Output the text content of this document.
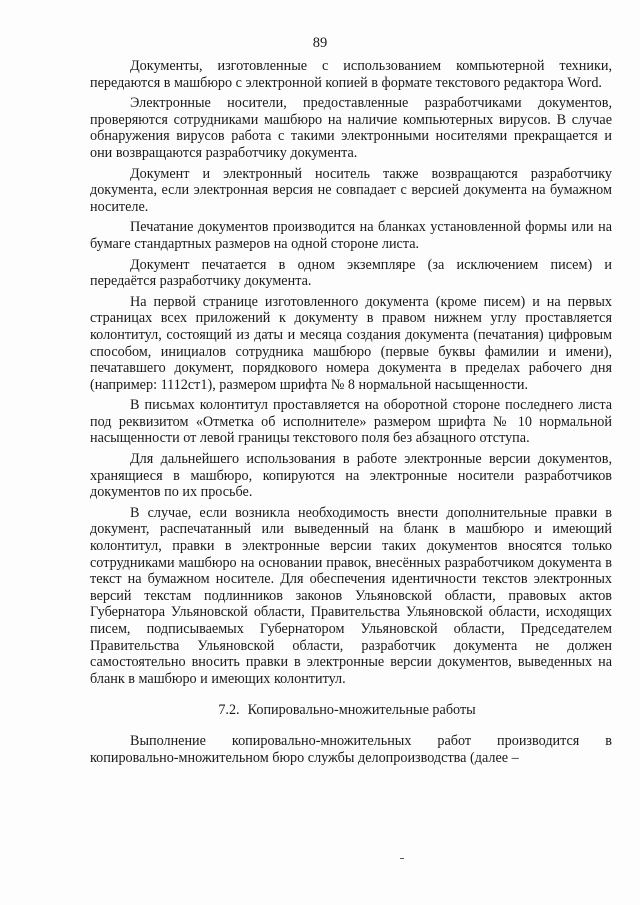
89

Документы, изготовленные с использованием компьютерной техники, передаются в машбюро с электронной копией в формате текстового редактора Word.

Электронные носители, предоставленные разработчиками документов, проверяются сотрудниками машбюро на наличие компьютерных вирусов. В случае обнаружения вирусов работа с такими электронными носителями прекращается и они возвращаются разработчику документа.

Документ и электронный носитель также возвращаются разработчику документа, если электронная версия не совпадает с версией документа на бумажном носителе.

Печатание документов производится на бланках установленной формы или на бумаге стандартных размеров на одной стороне листа.

Документ печатается в одном экземпляре (за исключением писем) и передаётся разработчику документа.

На первой странице изготовленного документа (кроме писем) и на первых страницах всех приложений к документу в правом нижнем углу проставляется колонтитул, состоящий из даты и месяца создания документа (печатания) цифровым способом, инициалов сотрудника машбюро (первые буквы фамилии и имени), печатавшего документ, порядкового номера документа в пределах рабочего дня (например: 1112ст1), размером шрифта № 8 нормальной насыщенности.

В письмах колонтитул проставляется на оборотной стороне последнего листа под реквизитом «Отметка об исполнителе» размером шрифта № 10 нормальной насыщенности от левой границы текстового поля без абзацного отступа.

Для дальнейшего использования в работе электронные версии документов, хранящиеся в машбюро, копируются на электронные носители разработчиков документов по их просьбе.

В случае, если возникла необходимость внести дополнительные правки в документ, распечатанный или выведенный на бланк в машбюро и имеющий колонтитул, правки в электронные версии таких документов вносятся только сотрудниками машбюро на основании правок, внесённых разработчиком документа в текст на бумажном носителе. Для обеспечения идентичности текстов электронных версий текстам подлинников законов Ульяновской области, правовых актов Губернатора Ульяновской области, Правительства Ульяновской области, исходящих писем, подписываемых Губернатором Ульяновской области, Председателем Правительства Ульяновской области, разработчик документа не должен самостоятельно вносить правки в электронные версии документов, выведенных на бланк в машбюро и имеющих колонтитул.

7.2. Копировально-множительные работы

Выполнение копировально-множительных работ производится в копировально-множительном бюро службы делопроизводства (далее –
